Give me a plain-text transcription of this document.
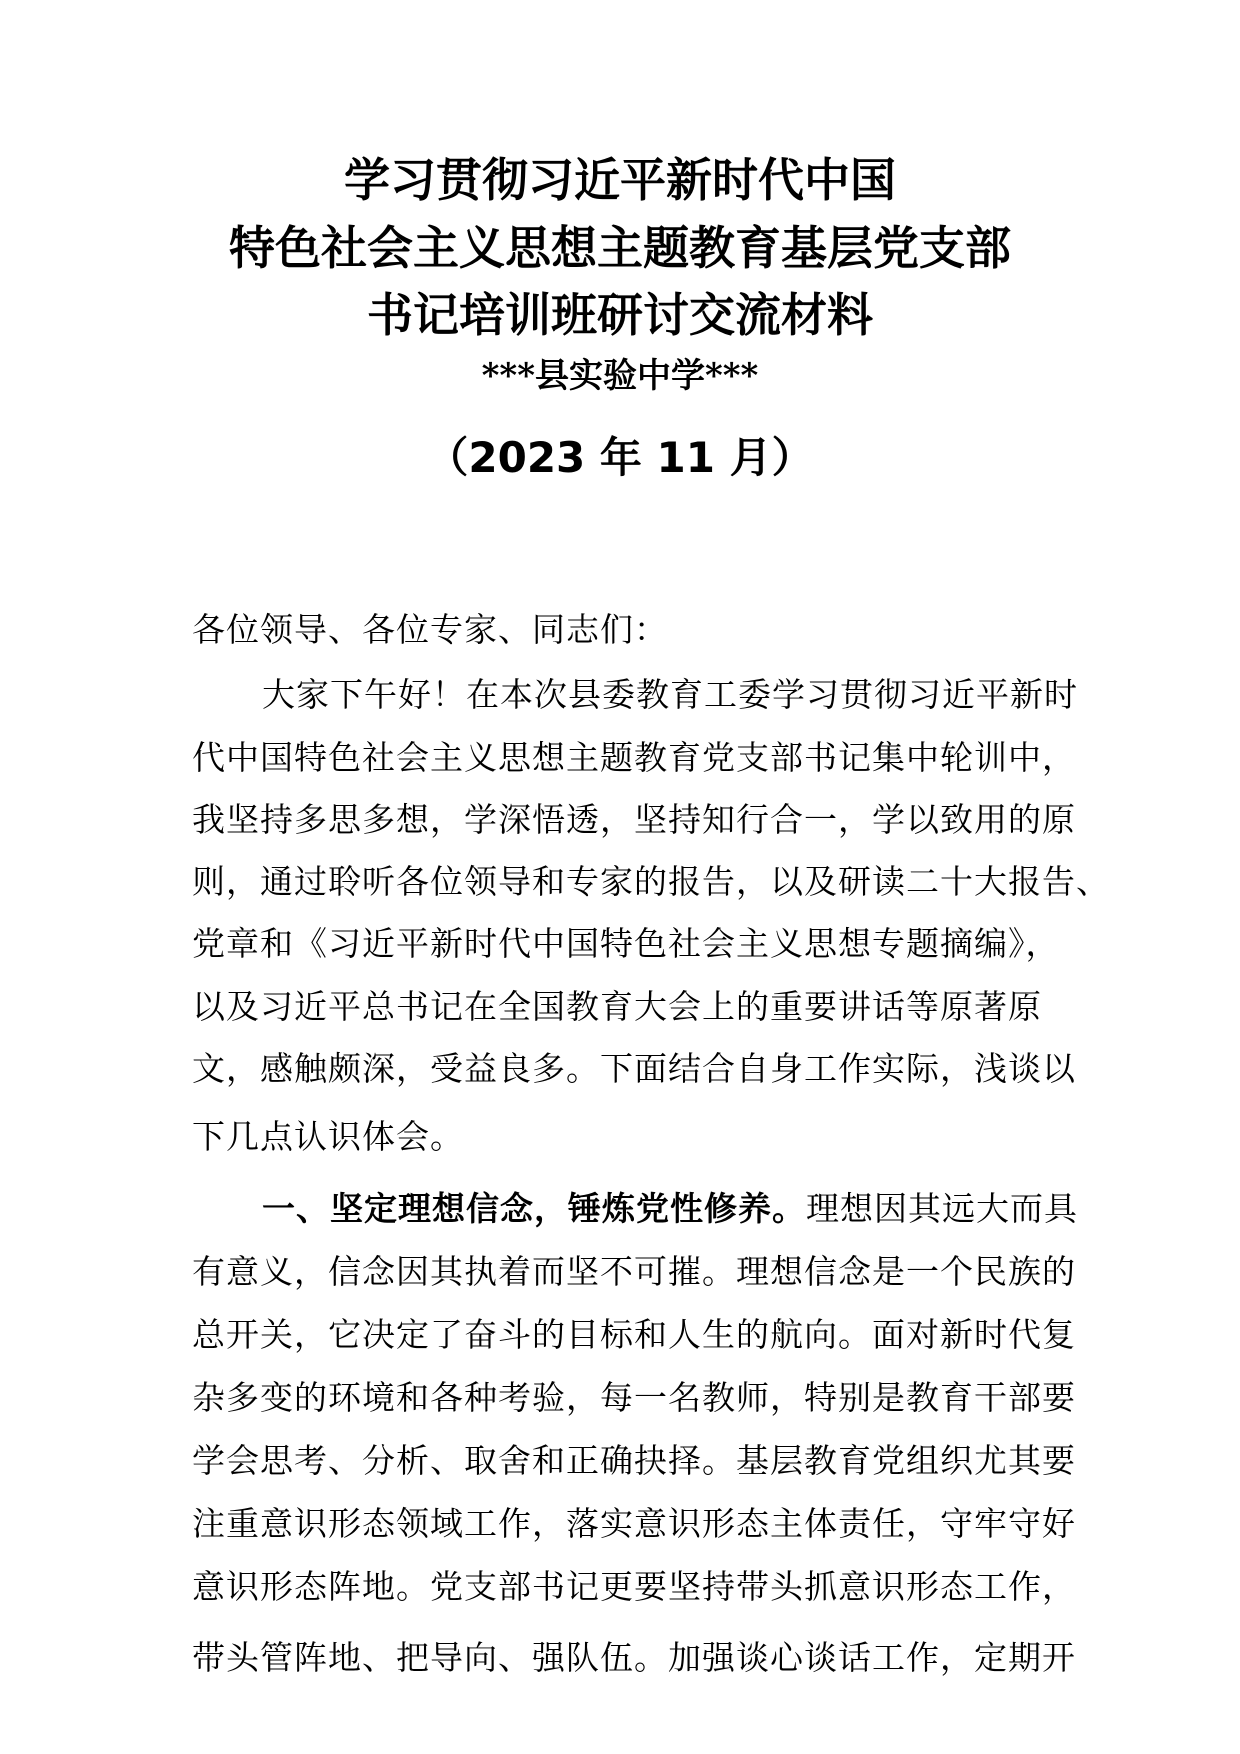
学习贯彻习近平新时代中国
特色社会主义思想主题教育基层党支部
书记培训班研讨交流材料
***县实验中学***
（2023 年 11 月）
各位领导、各位专家、同志们：
大家下午好！在本次县委教育工委学习贯彻习近平新时
代中国特色社会主义思想主题教育党支部书记集中轮训中，
我坚持多思多想，学深悟透，坚持知行合一，学以致用的原
则，通过聆听各位领导和专家的报告，以及研读二十大报告、
党章和《习近平新时代中国特色社会主义思想专题摘编》，
以及习近平总书记在全国教育大会上的重要讲话等原著原
文，感触颇深，受益良多。下面结合自身工作实际，浅谈以
下几点认识体会。
一、坚定理想信念，锤炼党性修养。理想因其远大而具
有意义，信念因其执着而坚不可摧。理想信念是一个民族的
总开关，它决定了奋斗的目标和人生的航向。面对新时代复
杂多变的环境和各种考验，每一名教师，特别是教育干部要
学会思考、分析、取舍和正确抉择。基层教育党组织尤其要
注重意识形态领域工作，落实意识形态主体责任，守牢守好
意识形态阵地。党支部书记更要坚持带头抓意识形态工作，
带头管阵地、把导向、强队伍。加强谈心谈话工作，定期开
